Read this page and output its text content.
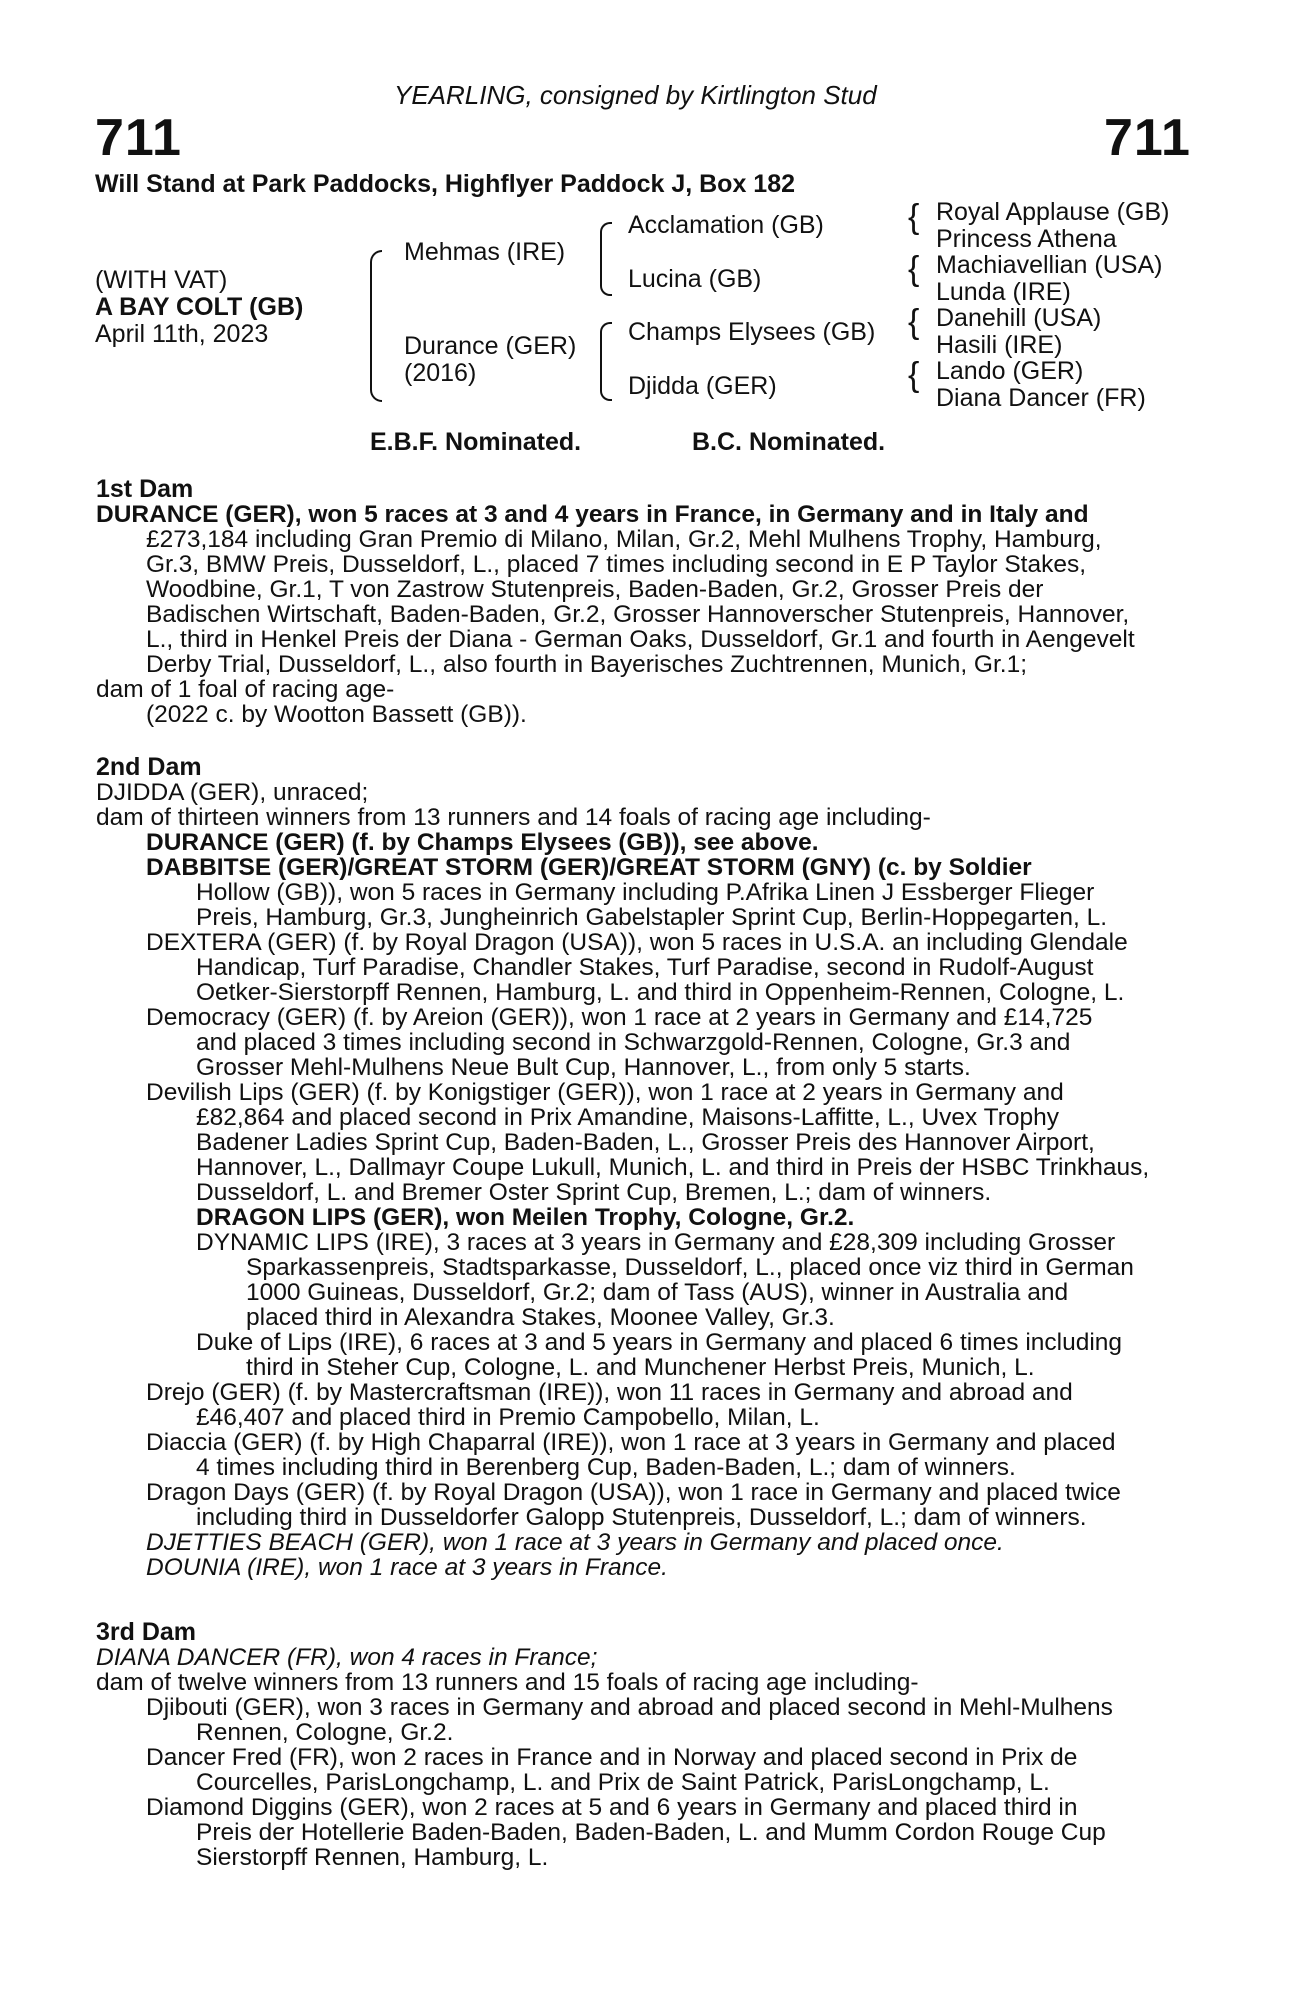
YEARLING, consigned by Kirtlington Stud
711	711
Will Stand at Park Paddocks, Highflyer Paddock J, Box 182
(WITH VAT)
A BAY COLT (GB)
April 11th, 2023
Mehmas (IRE)
Durance (GER)
(2016)
Acclamation (GB)
Lucina (GB)
Champs Elysees (GB)
Djidda (GER)
{
{
{
{
Royal Applause (GB)
Princess Athena
Machiavellian (USA)
Lunda (IRE)
Danehill (USA)
Hasili (IRE)
Lando (GER)
Diana Dancer (FR)
E.B.F. Nominated.	B.C. Nominated.
1st Dam
DURANCE (GER), won 5 races at 3 and 4 years in France, in Germany and in Italy and
£273,184 including Gran Premio di Milano, Milan, Gr.2, Mehl Mulhens Trophy, Hamburg,
Gr.3, BMW Preis, Dusseldorf, L., placed 7 times including second in E P Taylor Stakes,
Woodbine, Gr.1, T von Zastrow Stutenpreis, Baden-Baden, Gr.2, Grosser Preis der
Badischen Wirtschaft, Baden-Baden, Gr.2, Grosser Hannoverscher Stutenpreis, Hannover,
L., third in Henkel Preis der Diana - German Oaks, Dusseldorf, Gr.1 and fourth in Aengevelt
Derby Trial, Dusseldorf, L., also fourth in Bayerisches Zuchtrennen, Munich, Gr.1;
dam of 1 foal of racing age-
(2022 c. by Wootton Bassett (GB)).
2nd Dam
DJIDDA (GER), unraced;
dam of thirteen winners from 13 runners and 14 foals of racing age including-
DURANCE (GER) (f. by Champs Elysees (GB)), see above.
DABBITSE (GER)/GREAT STORM (GER)/GREAT STORM (GNY) (c. by Soldier
Hollow (GB)), won 5 races in Germany including P.Afrika Linen J Essberger Flieger
Preis, Hamburg, Gr.3, Jungheinrich Gabelstapler Sprint Cup, Berlin-Hoppegarten, L.
DEXTERA (GER) (f. by Royal Dragon (USA)), won 5 races in U.S.A. an including Glendale
Handicap, Turf Paradise, Chandler Stakes, Turf Paradise, second in Rudolf-August
Oetker-Sierstorpff Rennen, Hamburg, L. and third in Oppenheim-Rennen, Cologne, L.
Democracy (GER) (f. by Areion (GER)), won 1 race at 2 years in Germany and £14,725
and placed 3 times including second in Schwarzgold-Rennen, Cologne, Gr.3 and
Grosser Mehl-Mulhens Neue Bult Cup, Hannover, L., from only 5 starts.
Devilish Lips (GER) (f. by Konigstiger (GER)), won 1 race at 2 years in Germany and
£82,864 and placed second in Prix Amandine, Maisons-Laffitte, L., Uvex Trophy
Badener Ladies Sprint Cup, Baden-Baden, L., Grosser Preis des Hannover Airport,
Hannover, L., Dallmayr Coupe Lukull, Munich, L. and third in Preis der HSBC Trinkhaus,
Dusseldorf, L. and Bremer Oster Sprint Cup, Bremen, L.; dam of winners.
DRAGON LIPS (GER), won Meilen Trophy, Cologne, Gr.2.
DYNAMIC LIPS (IRE), 3 races at 3 years in Germany and £28,309 including Grosser
Sparkassenpreis, Stadtsparkasse, Dusseldorf, L., placed once viz third in German
1000 Guineas, Dusseldorf, Gr.2; dam of Tass (AUS), winner in Australia and
placed third in Alexandra Stakes, Moonee Valley, Gr.3.
Duke of Lips (IRE), 6 races at 3 and 5 years in Germany and placed 6 times including
third in Steher Cup, Cologne, L. and Munchener Herbst Preis, Munich, L.
Drejo (GER) (f. by Mastercraftsman (IRE)), won 11 races in Germany and abroad and
£46,407 and placed third in Premio Campobello, Milan, L.
Diaccia (GER) (f. by High Chaparral (IRE)), won 1 race at 3 years in Germany and placed
4 times including third in Berenberg Cup, Baden-Baden, L.; dam of winners.
Dragon Days (GER) (f. by Royal Dragon (USA)), won 1 race in Germany and placed twice
including third in Dusseldorfer Galopp Stutenpreis, Dusseldorf, L.; dam of winners.
DJETTIES BEACH (GER), won 1 race at 3 years in Germany and placed once.
DOUNIA (IRE), won 1 race at 3 years in France.
3rd Dam
DIANA DANCER (FR), won 4 races in France;
dam of twelve winners from 13 runners and 15 foals of racing age including-
Djibouti (GER), won 3 races in Germany and abroad and placed second in Mehl-Mulhens
Rennen, Cologne, Gr.2.
Dancer Fred (FR), won 2 races in France and in Norway and placed second in Prix de
Courcelles, ParisLongchamp, L. and Prix de Saint Patrick, ParisLongchamp, L.
Diamond Diggins (GER), won 2 races at 5 and 6 years in Germany and placed third in
Preis der Hotellerie Baden-Baden, Baden-Baden, L. and Mumm Cordon Rouge Cup
Sierstorpff Rennen, Hamburg, L.
